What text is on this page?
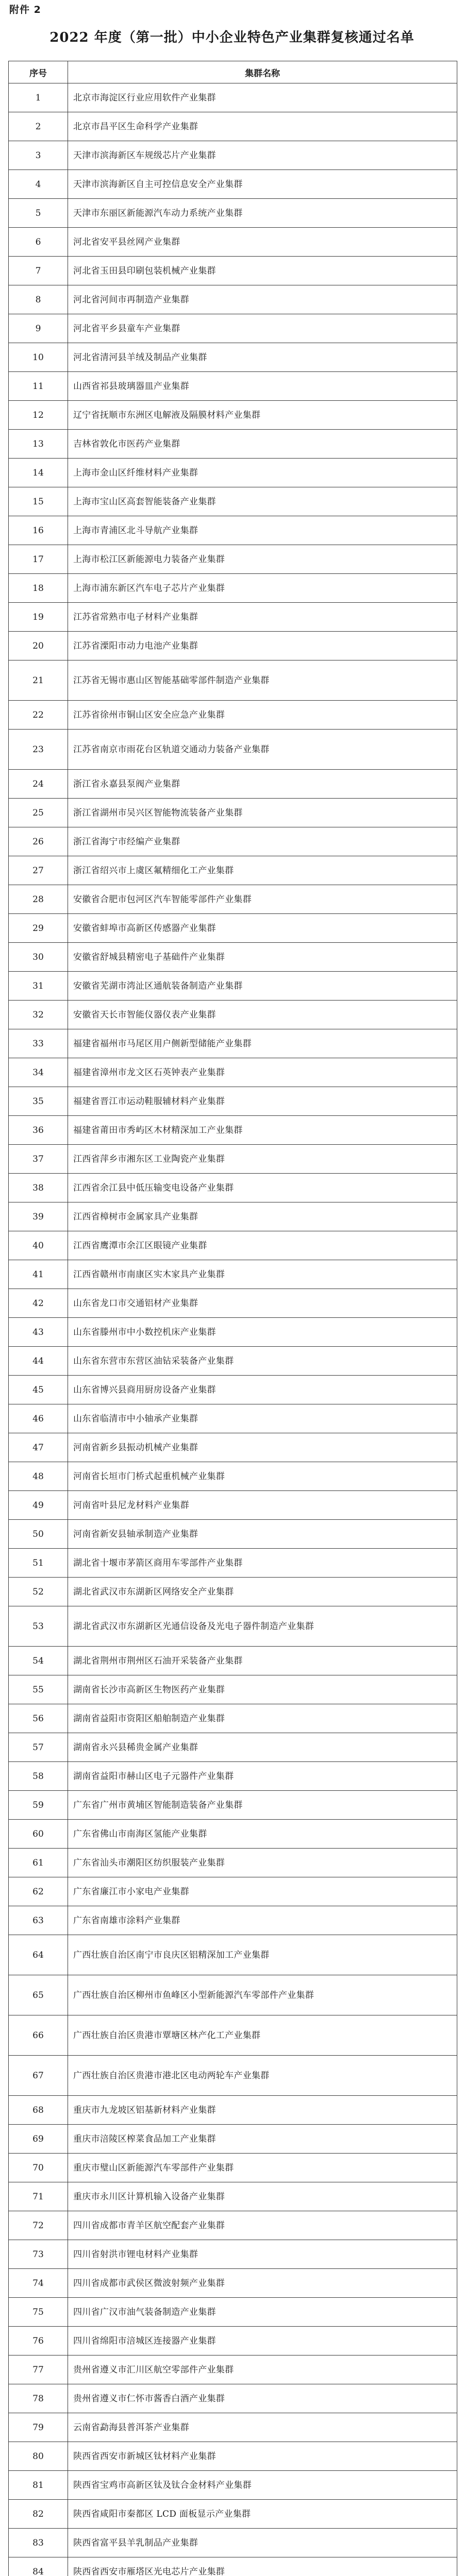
附件 2
2022 年度（第一批）中小企业特色产业集群复核通过名单
序号	集群名称
1	北京市海淀区行业应用软件产业集群
2	北京市昌平区生命科学产业集群
3	天津市滨海新区车规级芯片产业集群
4	天津市滨海新区自主可控信息安全产业集群
5	天津市东丽区新能源汽车动力系统产业集群
6	河北省安平县丝网产业集群
7	河北省玉田县印刷包装机械产业集群
8	河北省河间市再制造产业集群
9	河北省平乡县童车产业集群
10	河北省清河县羊绒及制品产业集群
11	山西省祁县玻璃器皿产业集群
12	辽宁省抚顺市东洲区电解液及隔膜材料产业集群
13	吉林省敦化市医药产业集群
14	上海市金山区纤维材料产业集群
15	上海市宝山区高套智能装备产业集群
16	上海市青浦区北斗导航产业集群
17	上海市松江区新能源电力装备产业集群
18	上海市浦东新区汽车电子芯片产业集群
19	江苏省常熟市电子材料产业集群
20	江苏省溧阳市动力电池产业集群
21	江苏省无锡市惠山区智能基础零部件制造产业集群
22	江苏省徐州市铜山区安全应急产业集群
23	江苏省南京市雨花台区轨道交通动力装备产业集群
24	浙江省永嘉县泵阀产业集群
25	浙江省湖州市吴兴区智能物流装备产业集群
26	浙江省海宁市经编产业集群
27	浙江省绍兴市上虞区氟精细化工产业集群
28	安徽省合肥市包河区汽车智能零部件产业集群
29	安徽省蚌埠市高新区传感器产业集群
30	安徽省舒城县精密电子基础件产业集群
31	安徽省芜湖市湾沚区通航装备制造产业集群
32	安徽省天长市智能仪器仪表产业集群
33	福建省福州市马尾区用户侧新型储能产业集群
34	福建省漳州市龙文区石英钟表产业集群
35	福建省晋江市运动鞋服辅材料产业集群
36	福建省莆田市秀屿区木材精深加工产业集群
37	江西省萍乡市湘东区工业陶瓷产业集群
38	江西省余江县中低压输变电设备产业集群
39	江西省樟树市金属家具产业集群
40	江西省鹰潭市余江区眼镜产业集群
41	江西省赣州市南康区实木家具产业集群
42	山东省龙口市交通铝材产业集群
43	山东省滕州市中小数控机床产业集群
44	山东省东营市东营区油钻采装备产业集群
45	山东省博兴县商用厨房设备产业集群
46	山东省临清市中小轴承产业集群
47	河南省新乡县振动机械产业集群
48	河南省长垣市门桥式起重机械产业集群
49	河南省叶县尼龙材料产业集群
50	河南省新安县轴承制造产业集群
51	湖北省十堰市茅箭区商用车零部件产业集群
52	湖北省武汉市东湖新区网络安全产业集群
53	湖北省武汉市东湖新区光通信设备及光电子器件制造产业集群
54	湖北省荆州市荆州区石油开采装备产业集群
55	湖南省长沙市高新区生物医药产业集群
56	湖南省益阳市资阳区船舶制造产业集群
57	湖南省永兴县稀贵金属产业集群
58	湖南省益阳市赫山区电子元器件产业集群
59	广东省广州市黄埔区智能制造装备产业集群
60	广东省佛山市南海区氢能产业集群
61	广东省汕头市潮阳区纺织服装产业集群
62	广东省廉江市小家电产业集群
63	广东省南雄市涂料产业集群
64	广西壮族自治区南宁市良庆区铝精深加工产业集群
65	广西壮族自治区柳州市鱼峰区小型新能源汽车零部件产业集群
66	广西壮族自治区贵港市覃塘区林产化工产业集群
67	广西壮族自治区贵港市港北区电动两轮车产业集群
68	重庆市九龙坡区铝基新材料产业集群
69	重庆市涪陵区榨菜食品加工产业集群
70	重庆市璧山区新能源汽车零部件产业集群
71	重庆市永川区计算机输入设备产业集群
72	四川省成都市青羊区航空配套产业集群
73	四川省射洪市锂电材料产业集群
74	四川省成都市武侯区微波射频产业集群
75	四川省广汉市油气装备制造产业集群
76	四川省绵阳市涪城区连接器产业集群
77	贵州省遵义市汇川区航空零部件产业集群
78	贵州省遵义市仁怀市酱香白酒产业集群
79	云南省勐海县普洱茶产业集群
80	陕西省西安市新城区钛材料产业集群
81	陕西省宝鸡市高新区钛及钛合金材料产业集群
82	陕西省咸阳市秦都区 LCD 面板显示产业集群
83	陕西省富平县羊乳制品产业集群
84	陕西省西安市雁塔区光电芯片产业集群
